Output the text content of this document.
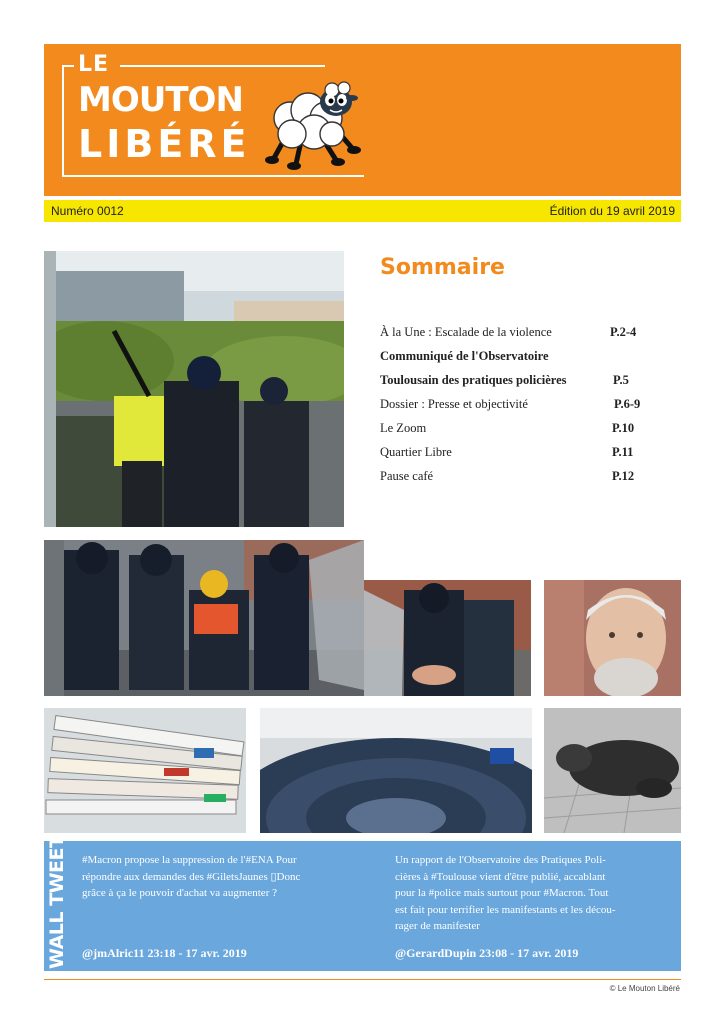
LE
MOUTON
LIBÉRÉ
Numéro 0012	Édition du 19 avril 2019
Sommaire
À la Une : Escalade de la violence	P.2-4
Communiqué de l'Observatoire
Toulousain des pratiques policières	P.5
Dossier : Presse et objectivité	P.6-9
Le Zoom	P.10
Quartier Libre	P.11
Pause café	P.12
WALL TWEET #Macron propose la suppression de l'#ENA Pour
répondre aux demandes des #GiletsJaunes ▯Donc
grâce à ça le pouvoir d'achat va augmenter ?
@jmAlric11 23:18 - 17 avr. 2019
Un rapport de l'Observatoire des Pratiques Poli-
cières à #Toulouse vient d'être publié, accablant
pour la #police mais surtout pour #Macron. Tout
est fait pour terrifier les manifestants et les décou-
rager de manifester
@GerardDupin 23:08 - 17 avr. 2019
© Le Mouton Libéré
